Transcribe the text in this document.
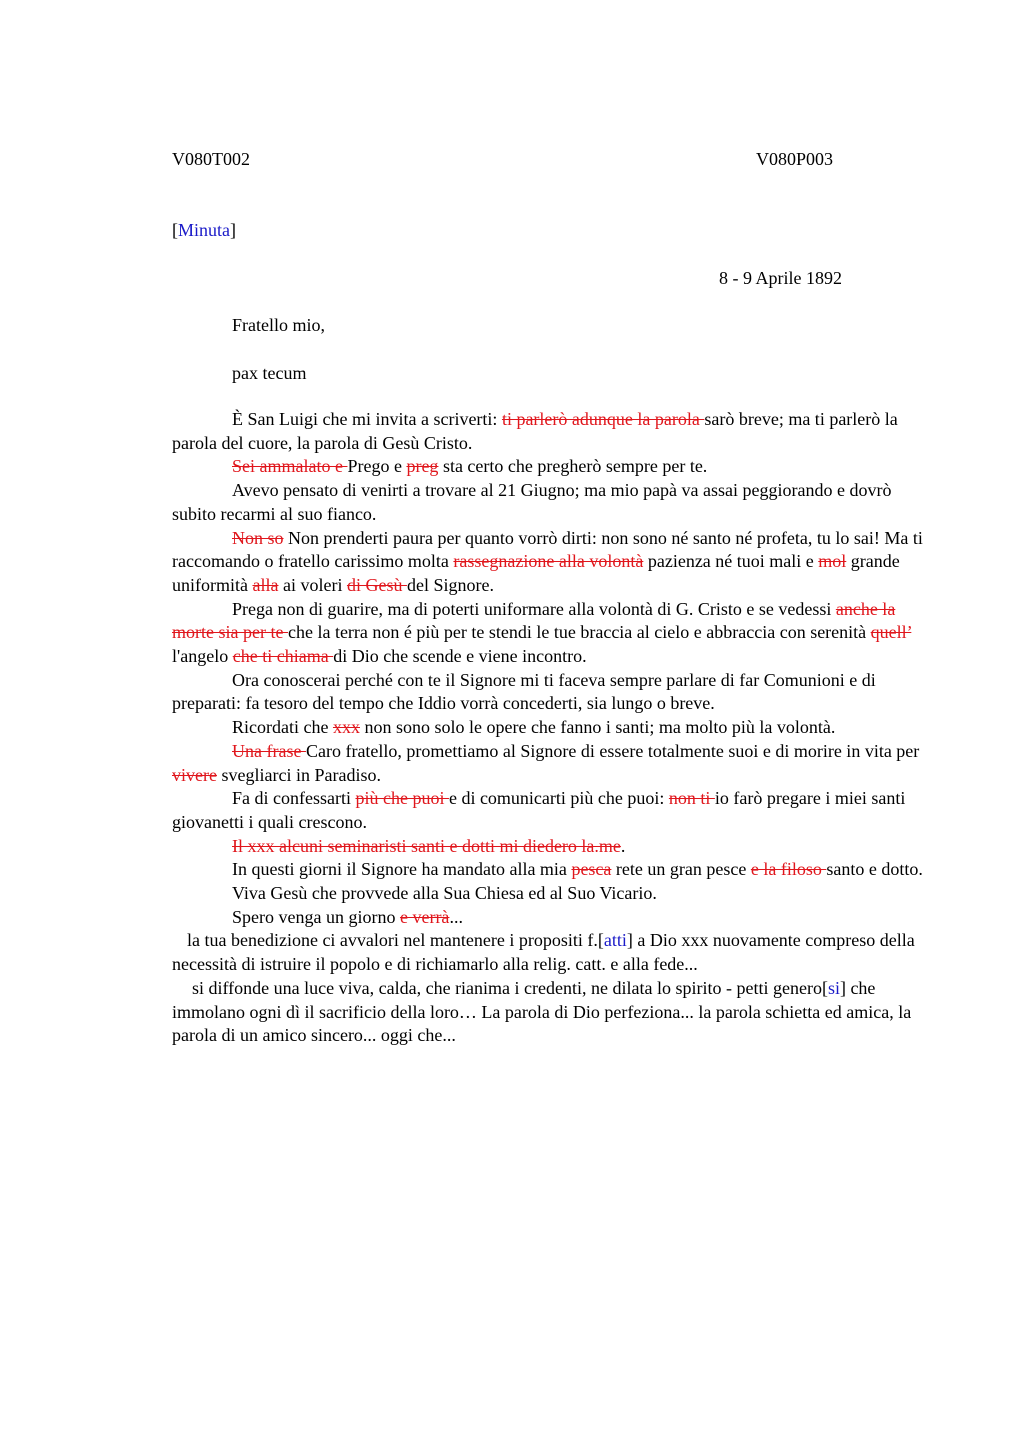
V080T002	V080P003
[Minuta]
8 - 9 Aprile 1892
Fratello mio,
pax tecum

È San Luigi che mi invita a scriverti: ti parlerò adunque la parola sarò breve; ma ti parlerò la parola del cuore, la parola di Gesù Cristo.

Sei ammalato e Prego e preg sta certo che pregherò sempre per te.

Avevo pensato di venirti a trovare al 21 Giugno; ma mio papà va assai peggiorando e dovrò subito recarmi al suo fianco.

Non so Non prenderti paura per quanto vorrò dirti: non sono né santo né profeta, tu lo sai! Ma ti raccomando o fratello carissimo molta rassegnazione alla volontà pazienza né tuoi mali e mol grande uniformità alla ai voleri di Gesù del Signore.

Prega non di guarire, ma di poterti uniformare alla volontà di G. Cristo e se vedessi anche la morte sia per te che la terra non é più per te stendi le tue braccia al cielo e abbraccia con serenità quell’ l'angelo che ti chiama di Dio che scende e viene incontro.

Ora conoscerai perché con te il Signore mi ti faceva sempre parlare di far Comunioni e di preparati: fa tesoro del tempo che Iddio vorrà concederti, sia lungo o breve.

Ricordati che xxx non sono solo le opere che fanno i santi; ma molto più la volontà.

Una frase Caro fratello, promettiamo al Signore di essere totalmente suoi e di morire in vita per vivere svegliarci in Paradiso.

Fa di confessarti più che puoi e di comunicarti più che puoi: non ti io farò pregare i miei santi giovanetti i quali crescono.

Il xxx alcuni seminaristi santi e dotti mi diedero la.me.

In questi giorni il Signore ha mandato alla mia pesca rete un gran pesce e la filoso santo e dotto.

Viva Gesù che provvede alla Sua Chiesa ed al Suo Vicario.

Spero venga un giorno e verrà...

la tua benedizione ci avvalori nel mantenere i propositi f.[atti] a Dio xxx nuovamente compreso della necessità di istruire il popolo e di richiamarlo alla relig. catt. e alla fede...

si diffonde una luce viva, calda, che rianima i credenti, ne dilata lo spirito - petti genero[si] che immolano ogni dì il sacrificio della loro… La parola di Dio perfeziona... la parola schietta ed amica, la parola di un amico sincero... oggi che...
